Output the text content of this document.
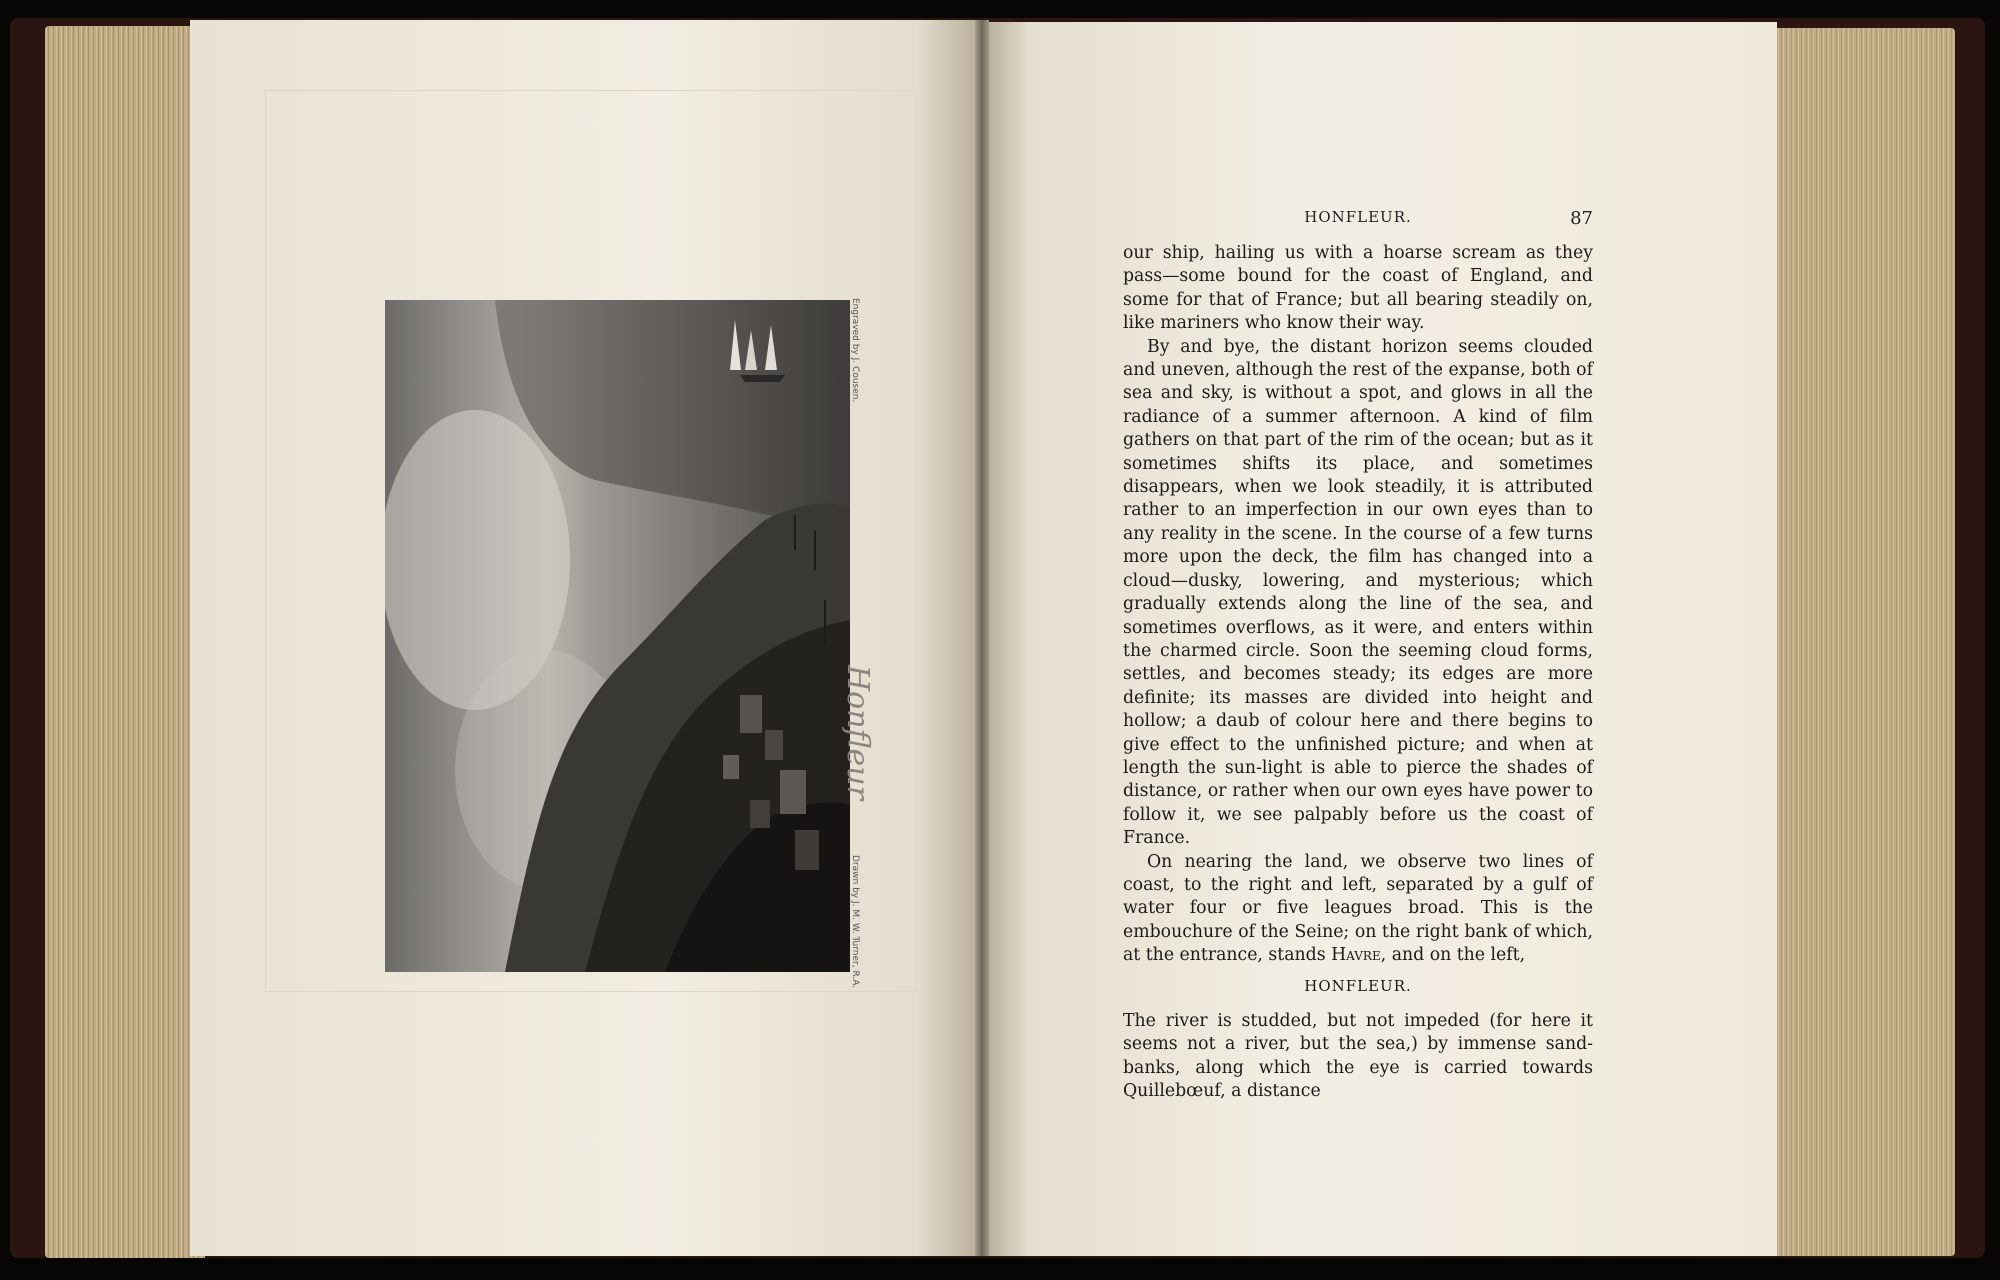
Engraved by J. Cousen.
Drawn by J. M. W. Turner, R.A.
Honfleur
HONFLEUR.	87

our ship, hailing us with a hoarse scream as they pass—some bound for the coast of England, and some for that of France; but all bearing steadily on, like mariners who know their way.

By and bye, the distant horizon seems clouded and uneven, although the rest of the expanse, both of sea and sky, is without a spot, and glows in all the radiance of a summer afternoon. A kind of film gathers on that part of the rim of the ocean; but as it sometimes shifts its place, and sometimes disappears, when we look steadily, it is attributed rather to an imperfection in our own eyes than to any reality in the scene. In the course of a few turns more upon the deck, the film has changed into a cloud—dusky, lowering, and mysterious; which gradually extends along the line of the sea, and sometimes overflows, as it were, and enters within the charmed circle. Soon the seeming cloud forms, settles, and becomes steady; its edges are more definite; its masses are divided into height and hollow; a daub of colour here and there begins to give effect to the unfinished picture; and when at length the sun-light is able to pierce the shades of distance, or rather when our own eyes have power to follow it, we see palpably before us the coast of France.

On nearing the land, we observe two lines of coast, to the right and left, separated by a gulf of water four or five leagues broad. This is the embouchure of the Seine; on the right bank of which, at the entrance, stands Havre, and on the left,

HONFLEUR.

The river is studded, but not impeded (for here it seems not a river, but the sea,) by immense sand-banks, along which the eye is carried towards Quillebœuf, a distance
